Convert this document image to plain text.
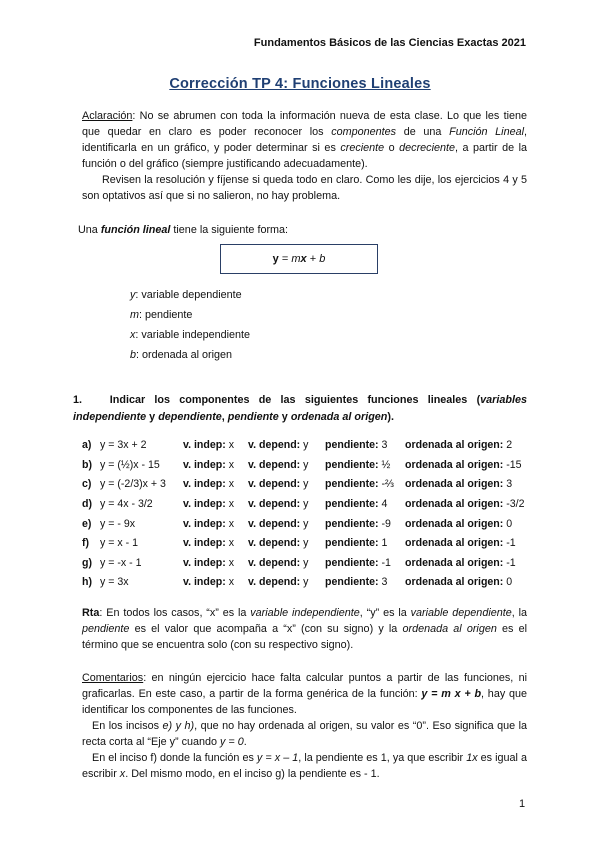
Fundamentos Básicos de las Ciencias Exactas 2021
Corrección TP 4: Funciones Lineales
Aclaración: No se abrumen con toda la información nueva de esta clase. Lo que les tiene que quedar en claro es poder reconocer los componentes de una Función Lineal, identificarla en un gráfico, y poder determinar si es creciente o decreciente, a partir de la función o del gráfico (siempre justificando adecuadamente).
Revisen la resolución y fíjense si queda todo en claro. Como les dije, los ejercicios 4 y 5 son optativos así que si no salieron, no hay problema.
Una función lineal tiene la siguiente forma:
y = mx + b
y: variable dependiente
m: pendiente
x: variable independiente
b: ordenada al origen
1.	Indicar los componentes de las siguientes funciones lineales (variables independiente y dependiente, pendiente y ordenada al origen).
a) y = 3x + 2	v. indep: x v. depend: y pendiente: 3 ordenada al origen: 2
b) y = (½)x - 15 v. indep: x v. depend: y pendiente: ½ ordenada al origen: -15
c) y = (-2/3)x + 3 v. indep: x v. depend: y pendiente: -⅔ ordenada al origen: 3
d) y = 4x - 3/2	v. indep: x v. depend: y pendiente: 4 ordenada al origen: -3/2
e) y = - 9x	v. indep: x v. depend: y pendiente: -9 ordenada al origen: 0
f) y = x - 1	v. indep: x v. depend: y pendiente: 1 ordenada al origen: -1
g) y = -x - 1	v. indep: x v. depend: y pendiente: -1 ordenada al origen: -1
h) y = 3x	v. indep: x v. depend: y pendiente: 3 ordenada al origen: 0
Rta: En todos los casos, “x” es la variable independiente, “y” es la variable dependiente, la pendiente es el valor que acompaña a “x” (con su signo) y la ordenada al origen es el término que se encuentra solo (con su respectivo signo).
Comentarios: en ningún ejercicio hace falta calcular puntos a partir de las funciones, ni graficarlas. En este caso, a partir de la forma genérica de la función: y = m x + b, hay que identificar los componentes de las funciones.
En los incisos e) y h), que no hay ordenada al origen, su valor es “0”. Eso significa que la recta corta al “Eje y” cuando y = 0.
En el inciso f) donde la función es y = x – 1, la pendiente es 1, ya que escribir 1x es igual a escribir x. Del mismo modo, en el inciso g) la pendiente es - 1.
1
